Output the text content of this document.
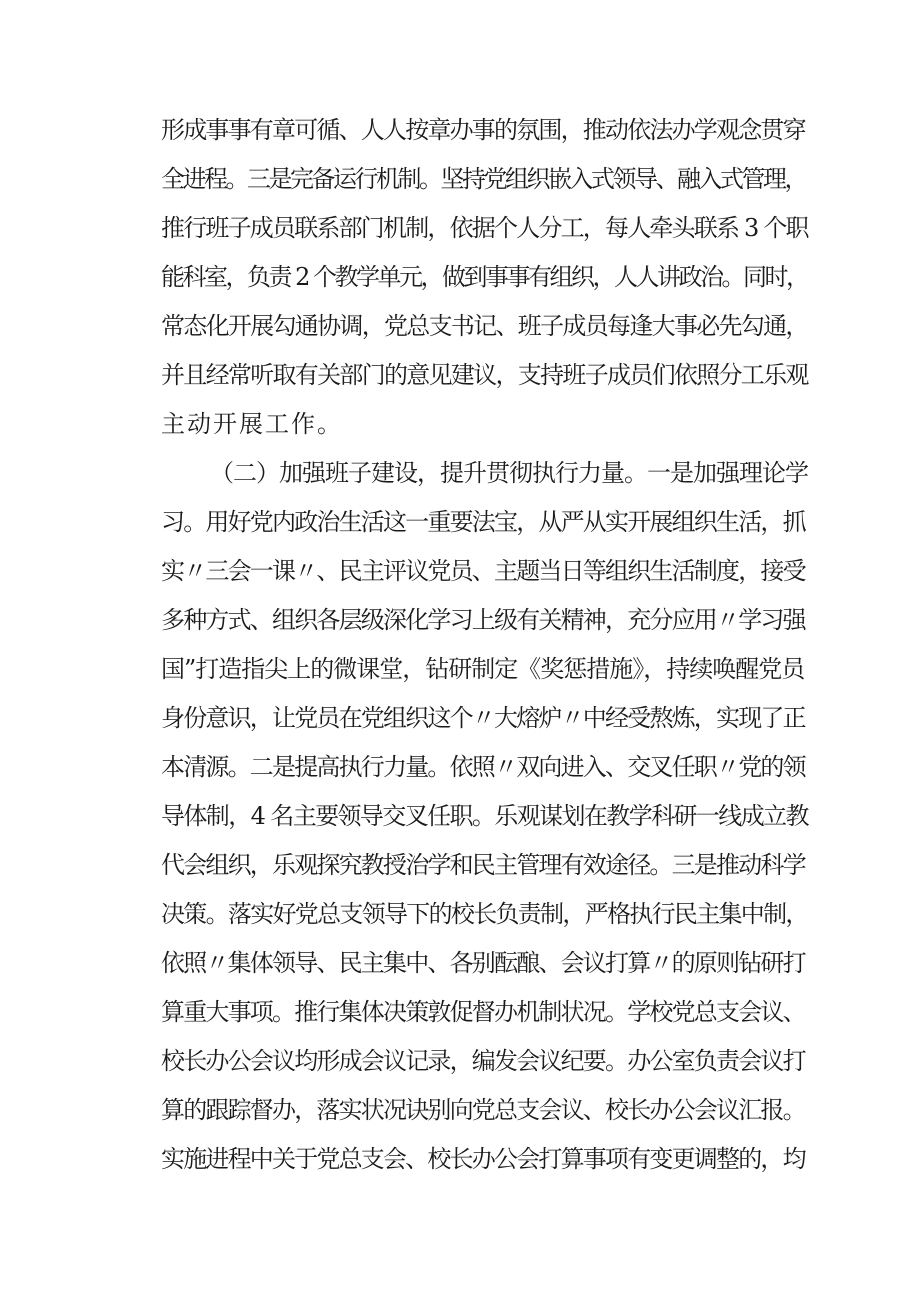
形成事事有章可循、人人按章办事的氛围，推动依法办学观念贯穿
全进程。三是完备运行机制。坚持党组织嵌入式领导、融入式管理，
推行班子成员联系部门机制，依据个人分工，每人牵头联系 3 个职
能科室，负责 2 个教学单元，做到事事有组织，人人讲政治。同时，
常态化开展勾通协调，党总支书记、班子成员每逢大事必先勾通，
并且经常听取有关部门的意见建议，支持班子成员们依照分工乐观
主动开展工作。
（二）加强班子建设，提升贯彻执行力量。一是加强理论学
习。用好党内政治生活这一重要法宝，从严从实开展组织生活，抓
实〃三会一课〃、民主评议党员、主题当日等组织生活制度，接受
多种方式、组织各层级深化学习上级有关精神，充分应用〃学习强
国”打造指尖上的微课堂，钻研制定《奖惩措施》，持续唤醒党员
身份意识，让党员在党组织这个〃大熔炉〃中经受熬炼，实现了正
本清源。二是提高执行力量。依照〃双向进入、交叉任职〃党的领
导体制，4 名主要领导交叉任职。乐观谋划在教学科研一线成立教
代会组织，乐观探究教授治学和民主管理有效途径。三是推动科学
决策。落实好党总支领导下的校长负责制，严格执行民主集中制，
依照〃集体领导、民主集中、各别酝酿、会议打算〃的原则钻研打
算重大事项。推行集体决策敦促督办机制状况。学校党总支会议、
校长办公会议均形成会议记录，编发会议纪要。办公室负责会议打
算的跟踪督办，落实状况诀别向党总支会议、校长办公会议汇报。
实施进程中关于党总支会、校长办公会打算事项有变更调整的，均
